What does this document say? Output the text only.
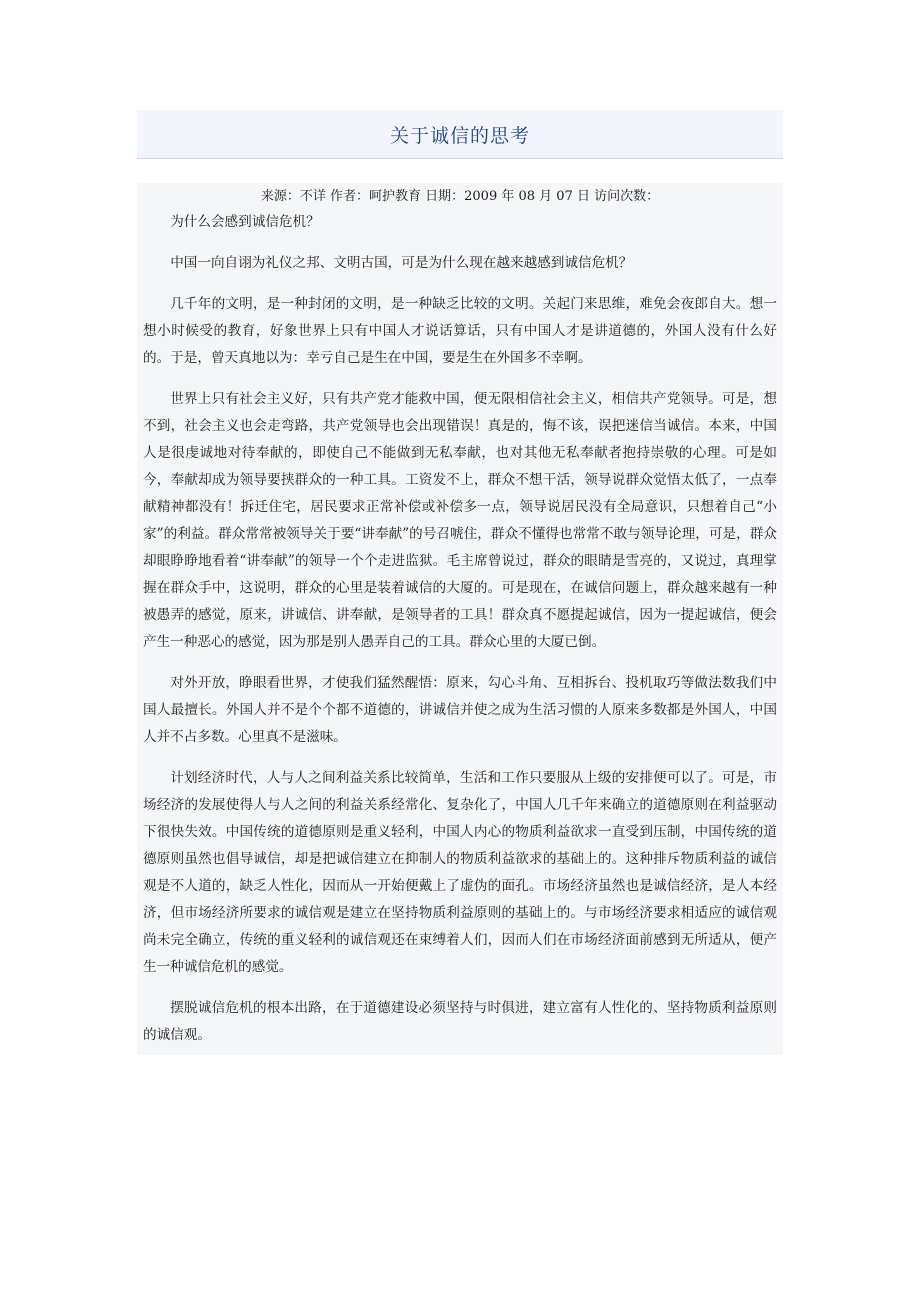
关于诚信的思考
来源：不详 作者：呵护教育 日期：2009 年 08 月 07 日 访问次数：

为什么会感到诚信危机？

中国一向自诩为礼仪之邦、文明古国，可是为什么现在越来越感到诚信危机？

几千年的文明，是一种封闭的文明，是一种缺乏比较的文明。关起门来思维，难免会夜郎自大。想一想小时候受的教育，好象世界上只有中国人才说话算话，只有中国人才是讲道德的，外国人没有什么好的。于是，曾天真地以为：幸亏自己是生在中国，要是生在外国多不幸啊。

世界上只有社会主义好，只有共产党才能救中国，便无限相信社会主义，相信共产党领导。可是，想不到，社会主义也会走弯路，共产党领导也会出现错误！真是的，悔不该，误把迷信当诚信。本来，中国人是很虔诚地对待奉献的，即使自己不能做到无私奉献，也对其他无私奉献者抱持崇敬的心理。可是如今，奉献却成为领导要挟群众的一种工具。工资发不上，群众不想干活，领导说群众觉悟太低了，一点奉献精神都没有！拆迁住宅，居民要求正常补偿或补偿多一点，领导说居民没有全局意识，只想着自己“小家”的利益。群众常常被领导关于要“讲奉献”的号召唬住，群众不懂得也常常不敢与领导论理，可是，群众却眼睁睁地看着“讲奉献”的领导一个个走进监狱。毛主席曾说过，群众的眼睛是雪亮的，又说过，真理掌握在群众手中，这说明，群众的心里是装着诚信的大厦的。可是现在，在诚信问题上，群众越来越有一种被愚弄的感觉，原来，讲诚信、讲奉献，是领导者的工具！群众真不愿提起诚信，因为一提起诚信，便会产生一种恶心的感觉，因为那是别人愚弄自己的工具。群众心里的大厦已倒。

对外开放，睁眼看世界，才使我们猛然醒悟：原来，勾心斗角、互相拆台、投机取巧等做法数我们中国人最擅长。外国人并不是个个都不道德的，讲诚信并使之成为生活习惯的人原来多数都是外国人，中国人并不占多数。心里真不是滋味。

计划经济时代，人与人之间利益关系比较简单，生活和工作只要服从上级的安排便可以了。可是，市场经济的发展使得人与人之间的利益关系经常化、复杂化了，中国人几千年来确立的道德原则在利益驱动下很快失效。中国传统的道德原则是重义轻利，中国人内心的物质利益欲求一直受到压制，中国传统的道德原则虽然也倡导诚信，却是把诚信建立在抑制人的物质利益欲求的基础上的。这种排斥物质利益的诚信观是不人道的，缺乏人性化，因而从一开始便戴上了虚伪的面孔。市场经济虽然也是诚信经济，是人本经济，但市场经济所要求的诚信观是建立在坚持物质利益原则的基础上的。与市场经济要求相适应的诚信观尚未完全确立，传统的重义轻利的诚信观还在束缚着人们，因而人们在市场经济面前感到无所适从，便产生一种诚信危机的感觉。

摆脱诚信危机的根本出路，在于道德建设必须坚持与时俱进，建立富有人性化的、坚持物质利益原则的诚信观。
